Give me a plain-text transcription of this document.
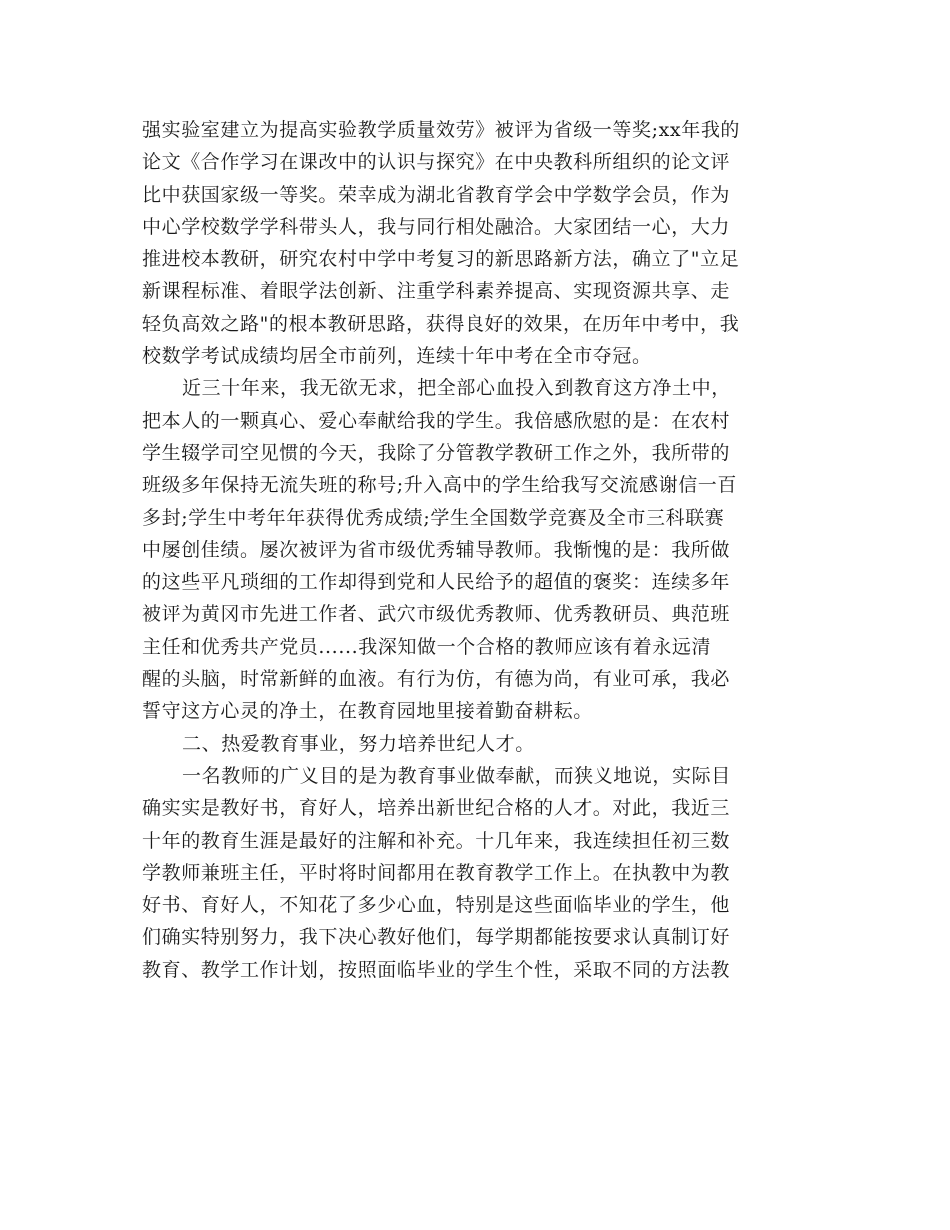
强实验室建立为提高实验教学质量效劳》被评为省级一等奖;xx年我的
论文《合作学习在课改中的认识与探究》在中央教科所组织的论文评
比中获国家级一等奖。荣幸成为湖北省教育学会中学数学会员，作为
中心学校数学学科带头人，我与同行相处融洽。大家团结一心，大力
推进校本教研，研究农村中学中考复习的新思路新方法，确立了"立足
新课程标准、着眼学法创新、注重学科素养提高、实现资源共享、走
轻负高效之路"的根本教研思路，获得良好的效果，在历年中考中，我
校数学考试成绩均居全市前列，连续十年中考在全市夺冠。
近三十年来，我无欲无求，把全部心血投入到教育这方净土中，
把本人的一颗真心、爱心奉献给我的学生。我倍感欣慰的是：在农村
学生辍学司空见惯的今天，我除了分管教学教研工作之外，我所带的
班级多年保持无流失班的称号;升入高中的学生给我写交流感谢信一百
多封;学生中考年年获得优秀成绩;学生全国数学竞赛及全市三科联赛
中屡创佳绩。屡次被评为省市级优秀辅导教师。我惭愧的是：我所做
的这些平凡琐细的工作却得到党和人民给予的超值的褒奖：连续多年
被评为黄冈市先进工作者、武穴市级优秀教师、优秀教研员、典范班
主任和优秀共产党员......我深知做一个合格的教师应该有着永远清
醒的头脑，时常新鲜的血液。有行为仿，有德为尚，有业可承，我必
誓守这方心灵的净土，在教育园地里接着勤奋耕耘。
二、热爱教育事业，努力培养世纪人才。
一名教师的广义目的是为教育事业做奉献，而狭义地说，实际目
确实实是教好书，育好人，培养出新世纪合格的人才。对此，我近三
十年的教育生涯是最好的注解和补充。十几年来，我连续担任初三数
学教师兼班主任，平时将时间都用在教育教学工作上。在执教中为教
好书、育好人，不知花了多少心血，特别是这些面临毕业的学生，他
们确实特别努力，我下决心教好他们，每学期都能按要求认真制订好
教育、教学工作计划，按照面临毕业的学生个性，采取不同的方法教
